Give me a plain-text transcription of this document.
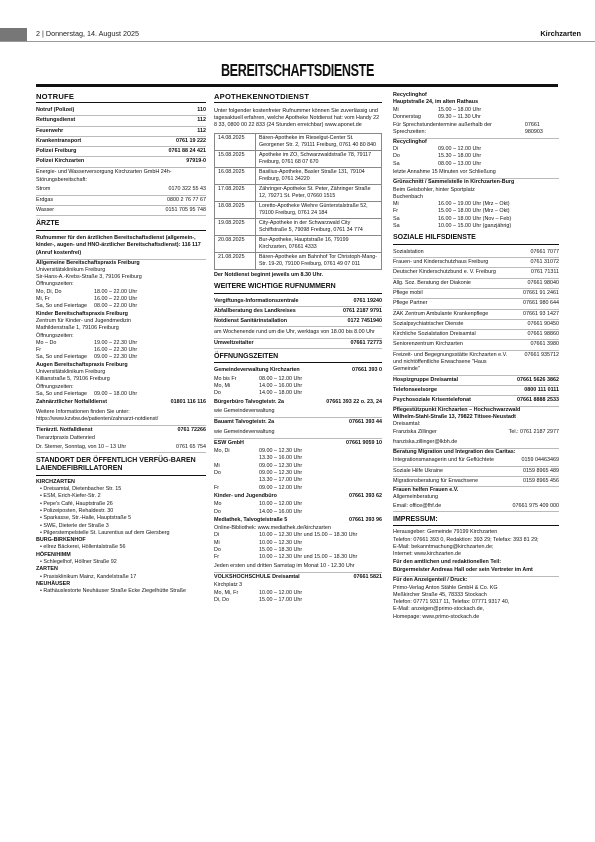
2 | Donnerstag, 14. August 2025	Kirchzarten
BEREITSCHAFTSDIENSTE
NOTRUFE
Notruf (Polizei)	110
Rettungsdienst	112
Feuerwehr	112
Krankentransport	0761 19 222
Polizei Freiburg	0761 88 24 421
Polizei Kirchzarten	97919-0
Energie- und Wasserversorgung Kirchzarten GmbH 24h-Störungsbereitschaft:
Strom	0170 322 55 43
Erdgas	0800 2 76 77 67
Wasser	0151 705 95 748
ÄRZTE
Rufnummer für den ärztlichen Bereitschaftsdienst (allgemein-, kinder-, augen- und HNO-ärztlicher Bereitschaftsdienst): 116 117 (Anruf kostenfrei)
Allgemeine Bereitschaftspraxis Freiburg
Universitätsklinikum Freiburg
Sir-Hans-A.-Krebs-Straße 3, 79106 Freiburg
Öffnungszeiten:
Mo, Di, Do	18.00 – 22.00 Uhr
Mi, Fr	16.00 – 22.00 Uhr
Sa, So und Feiertage	08.00 – 22.00 Uhr
Kinder Bereitschaftspraxis Freiburg
Zentrum für Kinder- und Jugendmedizin
Mathildenstraße 1, 79106 Freiburg
Öffnungszeiten:
Mo – Do	19.00 – 22.30 Uhr
Fr	16.00 – 22.30 Uhr
Sa, So und Feiertage	09.00 – 22.30 Uhr
Augen Bereitschaftspraxis Freiburg
Universitätsklinikum Freiburg
Killianstraße 5, 79106 Freiburg
Öffnungszeiten:
Sa, So und Feiertage	09.00 – 18.00 Uhr
Zahnärztlicher Notfalldienst	01801 116 116
Weitere Informationen finden Sie unter: https://www.kzvbw.de/patienten/zahnarzt-notdienst/
Tierärztl. Notfalldienst	0761 72266
Tierarztpraxis Dattenried
Dr. Sterner, Sonntag, von 10 – 13 Uhr	0761 65 754
STANDORT DER ÖFFENTLICH VERFÜG-BAREN LAIENDEFIBRILLATOREN
KIRCHZARTEN
• Dreisamtal, Dietenbacher Str. 15
• ESM, Erich-Kiefer-Str. 2
• Pepe's Café, Hauptstraße 26
• Polizeiposten, Rehaldestr. 30
• Sparkasse, Str.-Halle, Hauptstraße 5
• SWE, Dieterle der Straße 3
• Pilgerstempelstelle St. Laurentius auf dem Giersberg
BURG-BIRKENHOF
• ellrez Bäckerei, Höllentalstraße 56
HÖFEN/HIMM
• Schlegelhof, Höllner Straße 92
ZARTEN
• Praxisklinikum Mainz, Kandelstraße 17
NEUHÄUSER
• Rathäuslestorte Neuhäuser Straße Ecke Ziegelhütte Straße
APOTHEKENNOTDIENST
Unter folgender kostenfreier Rufnummer können Sie zuverlässig und tagesaktuell erfahren, welche Apotheke Notdienst hat: vom Handy 22 8 33, 0800 00 22 833 (24 Stunden erreichbar) www.aponet.de
14.08.2025	Bären-Apotheke im Rieselgut-Center St. Georgener Str. 2, 79111 Freiburg, 0761 40 80 840
15.08.2025	Apotheke im ZO, Schwarzwaldstraße 78, 79117 Freiburg, 0761 68 07 670
16.08.2025	Basilius-Apotheke, Basler Straße 131, 79104 Freiburg, 0761 34220
17.08.2025	Zähringer-Apotheke St. Peter, Zähringer Straße 12, 79271 St. Peter, 07660 1515
18.08.2025	Loretto-Apotheke Wiehre Günterstalstraße 52, 79100 Freiburg, 0761 24 184
19.08.2025	City-Apotheke in der Schwarzwald City Schiffstraße 5, 79098 Freiburg, 0761 34 774
20.08.2025	Bur-Apotheke, Hauptstraße 16, 79199 Kirchzarten, 07661 4333
21.08.2025	Bären-Apotheke am Bahnhof Tor Christoph-Mang-Str. 19-20, 79100 Freiburg, 0761 49 07 011
Der Notdienst beginnt jeweils um 8.30 Uhr.
WEITERE WICHTIGE RUFNUMMERN
Vergiftungs-Informationszentrale	0761 19240
Abfallberatung des Landkreises	0761 2187 9791
Notdienst Sanitärinstallation	0172 7451940
am Wochenende rund um die Uhr, werktags von 18.00 bis 8.00 Uhr
Umweltzeitalter	07661 72773
ÖFFNUNGSZEITEN
Gemeindeverwaltung Kirchzarten	07661 393 0
Mo bis Fr	08.00 – 12.00 Uhr
Mo, Mi	14.00 – 16.00 Uhr
Do	14.00 – 18.00 Uhr
Bürgerbüro Talvogteistr. 2a	07661 393 22 o. 23, 24
wie Gemeindeverwaltung
Bauamt Talvogteistr. 2a	07661 393 44
wie Gemeindeverwaltung
ESW GmbH	07661 9059 10
Mo, Di	09.00 – 12.30 Uhr
13.30 – 16.00 Uhr
Mi	09.00 – 12.30 Uhr
Do	09.00 – 12.30 Uhr
13.30 – 17.00 Uhr
Fr	09.00 – 12.00 Uhr
Kinder- und Jugendbüro	07661 393 62
Mo	10.00 – 12.00 Uhr
Do	14.00 – 16.00 Uhr
Mediathek, Talvogteistraße 5	07661 393 96
Online-Bibliothek: www.mediathek.de/kirchzarten
Di	10.00 – 12.30 Uhr und 15.00 – 18.30 Uhr
Mi	10.00 – 12.30 Uhr
Do	15.00 – 18.30 Uhr
Fr	10.00 – 12.30 Uhr und 15.00 – 18.30 Uhr
Jeden ersten und dritten Samstag im Monat 10 - 12.30 Uhr
VOLKSHOCHSCHULE Dreisamtal	07661 5821
Kirchplatz 3
Mo, Mi, Fr	10.00 – 12.00 Uhr
Di, Do	15.00 – 17.00 Uhr
Recyclinghof
Hauptstraße 24, im alten Rathaus
Mi	15.00 – 18.00 Uhr
Donnerstag	09.30 – 11.30 Uhr
Für Sprechstundentermine außerhalb der Sprechzeiten:
07661 980903
Recyclinghof
Di	09.00 – 12.00 Uhr
Do	15.30 – 18.00 Uhr
Sa	08.00 – 13.00 Uhr
letzte Annahme 15 Minuten vor Schließung
Grünschnitt / Sammelstelle in Kirchzarten-Burg
Beim Geisbohler, hinter Sportplatz
Buchenbach
Mi	16.00 – 19.00 Uhr (Mrz – Okt)
Fr	15.00 – 18.00 Uhr (Mrz – Okt)
Sa	16.00 – 18.00 Uhr (Nov – Feb)
Sa	10.00 – 15.00 Uhr (ganzjährig)
SOZIALE HILFSDIENSTE
Sozialstation	07661 7077
Frauen- und Kinderschutzhaus Freiburg	0761 31072
Deutscher Kinderschutzbund e. V. Freiburg	0761 71311
Allg. Soz. Beratung der Diakonie	07661 98040
Pflege mobil	07661 91 2461
Pflege Partner	07661 980 644
ZAK Zentrum Ambulante Krankenpflege	07661 93 1427
Sozialpsychiatrischer Dienste	07661 90450
Kirchliche Sozialstation Dreisamtal	07661 98860
Seniorenzentrum Kirchzarten	07661 3980
Freizeit- und Begegnungsstätte Kirchzarten e.V. und nichtöffentliche Erwachsene "Haus Gemeinde"
07661 935712
Hospizgruppe Dreisamtal	07661 5626 3862
Telefonseelsorge	0800 111 0111
Psychosoziale Krisentelefonat	07661 8888 2533
Pflegestützpunkt Kirchzarten – Hochschwarzwald
Wilhelm-Stahl-Straße 13, 79822 Titisee-Neustadt
Dreisamtal:
Franziska Zillinger	Tel.: 0761 2187 2977
franziska.zillinger@lkbh.de
Beratung Migration und Integration des Caritas:
Integrationsmanagerin und für Geflüchtete	0159 04463469
Soziale Hilfe Ukraine	0159 8965 489
Migrationsberatung für Erwachsene	0159 8965 456
Frauen helfen Frauen e.V.
Allgemeinberatung
Email: office@fhf.de	07661 975 409 000
IMPRESSUM:
Herausgeber: Gemeinde 79199 Kirchzarten
Telefon: 07661 393 0, Redaktion: 393 29; Telefax: 393 81 29;
E-Mail: bekanntmachung@kirchzarten.de;
Internet: www.kirchzarten.de
Für den amtlichen und redaktionellen Teil:
Bürgermeister Andreas Hall oder sein Vertreter im Amt
Für den Anzeigenteil / Druck:
Primo-Verlag Anton Stähle GmbH & Co. KG
Meßkircher Straße 45, 78333 Stockach
Telefon: 07771 9317 11, Telefax: 07771 9317 40,
E-Mail: anzeigen@primo-stockach.de,
Homepage: www.primo-stockach.de
